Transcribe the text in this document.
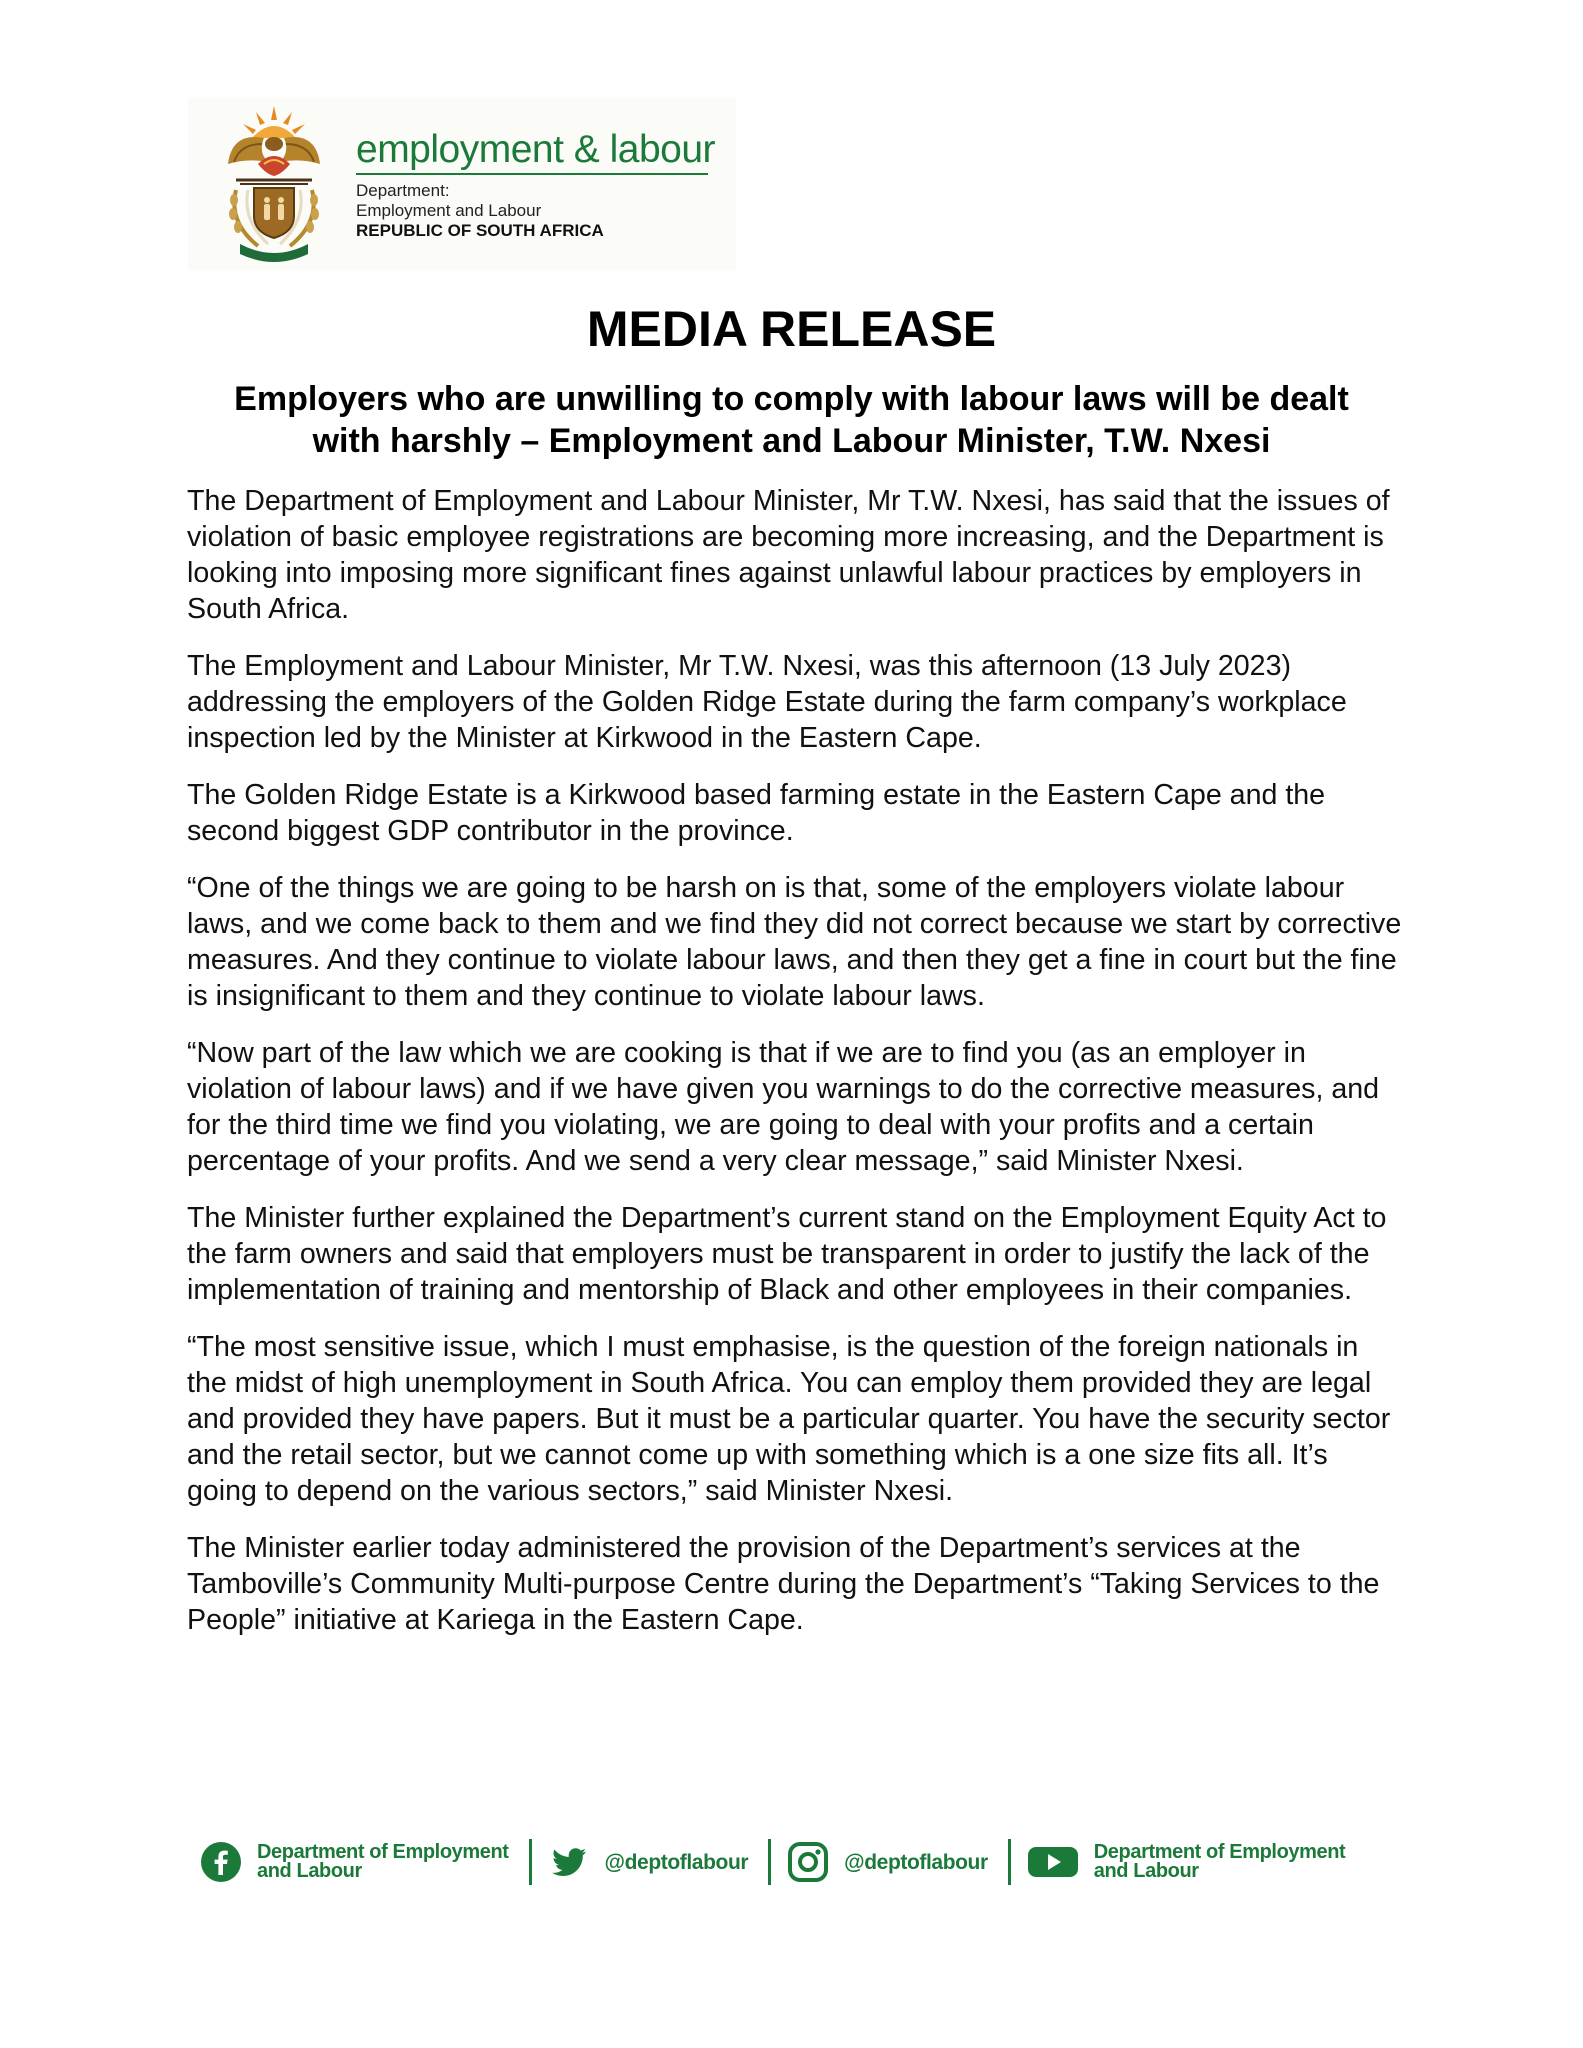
employment & labour
Department:
Employment and Labour
REPUBLIC OF SOUTH AFRICA
MEDIA RELEASE
Employers who are unwilling to comply with labour laws will be dealt
with harshly – Employment and Labour Minister, T.W. Nxesi

The Department of Employment and Labour Minister, Mr T.W. Nxesi, has said that the issues of violation of basic employee registrations are becoming more increasing, and the Department is looking into imposing more significant fines against unlawful labour practices by employers in South Africa.

The Employment and Labour Minister, Mr T.W. Nxesi, was this afternoon (13 July 2023) addressing the employers of the Golden Ridge Estate during the farm company’s workplace inspection led by the Minister at Kirkwood in the Eastern Cape.

The Golden Ridge Estate is a Kirkwood based farming estate in the Eastern Cape and the second biggest GDP contributor in the province.

“One of the things we are going to be harsh on is that, some of the employers violate labour laws, and we come back to them and we find they did not correct because we start by corrective measures. And they continue to violate labour laws, and then they get a fine in court but the fine is insignificant to them and they continue to violate labour laws.

“Now part of the law which we are cooking is that if we are to find you (as an employer in violation of labour laws) and if we have given you warnings to do the corrective measures, and for the third time we find you violating, we are going to deal with your profits and a certain percentage of your profits. And we send a very clear message,” said Minister Nxesi.

The Minister further explained the Department’s current stand on the Employment Equity Act to the farm owners and said that employers must be transparent in order to justify the lack of the implementation of training and mentorship of Black and other employees in their companies.

“The most sensitive issue, which I must emphasise, is the question of the foreign nationals in the midst of high unemployment in South Africa. You can employ them provided they are legal and provided they have papers. But it must be a particular quarter. You have the security sector and the retail sector, but we cannot come up with something which is a one size fits all. It’s going to depend on the various sectors,” said Minister Nxesi.

The Minister earlier today administered the provision of the Department’s services at the Tamboville’s Community Multi-purpose Centre during the Department’s “Taking Services to the People” initiative at Kariega in the Eastern Cape.

Department of Employment
and Labour	@deptoflabour	@deptoflabour	Department of Employment
and Labour
